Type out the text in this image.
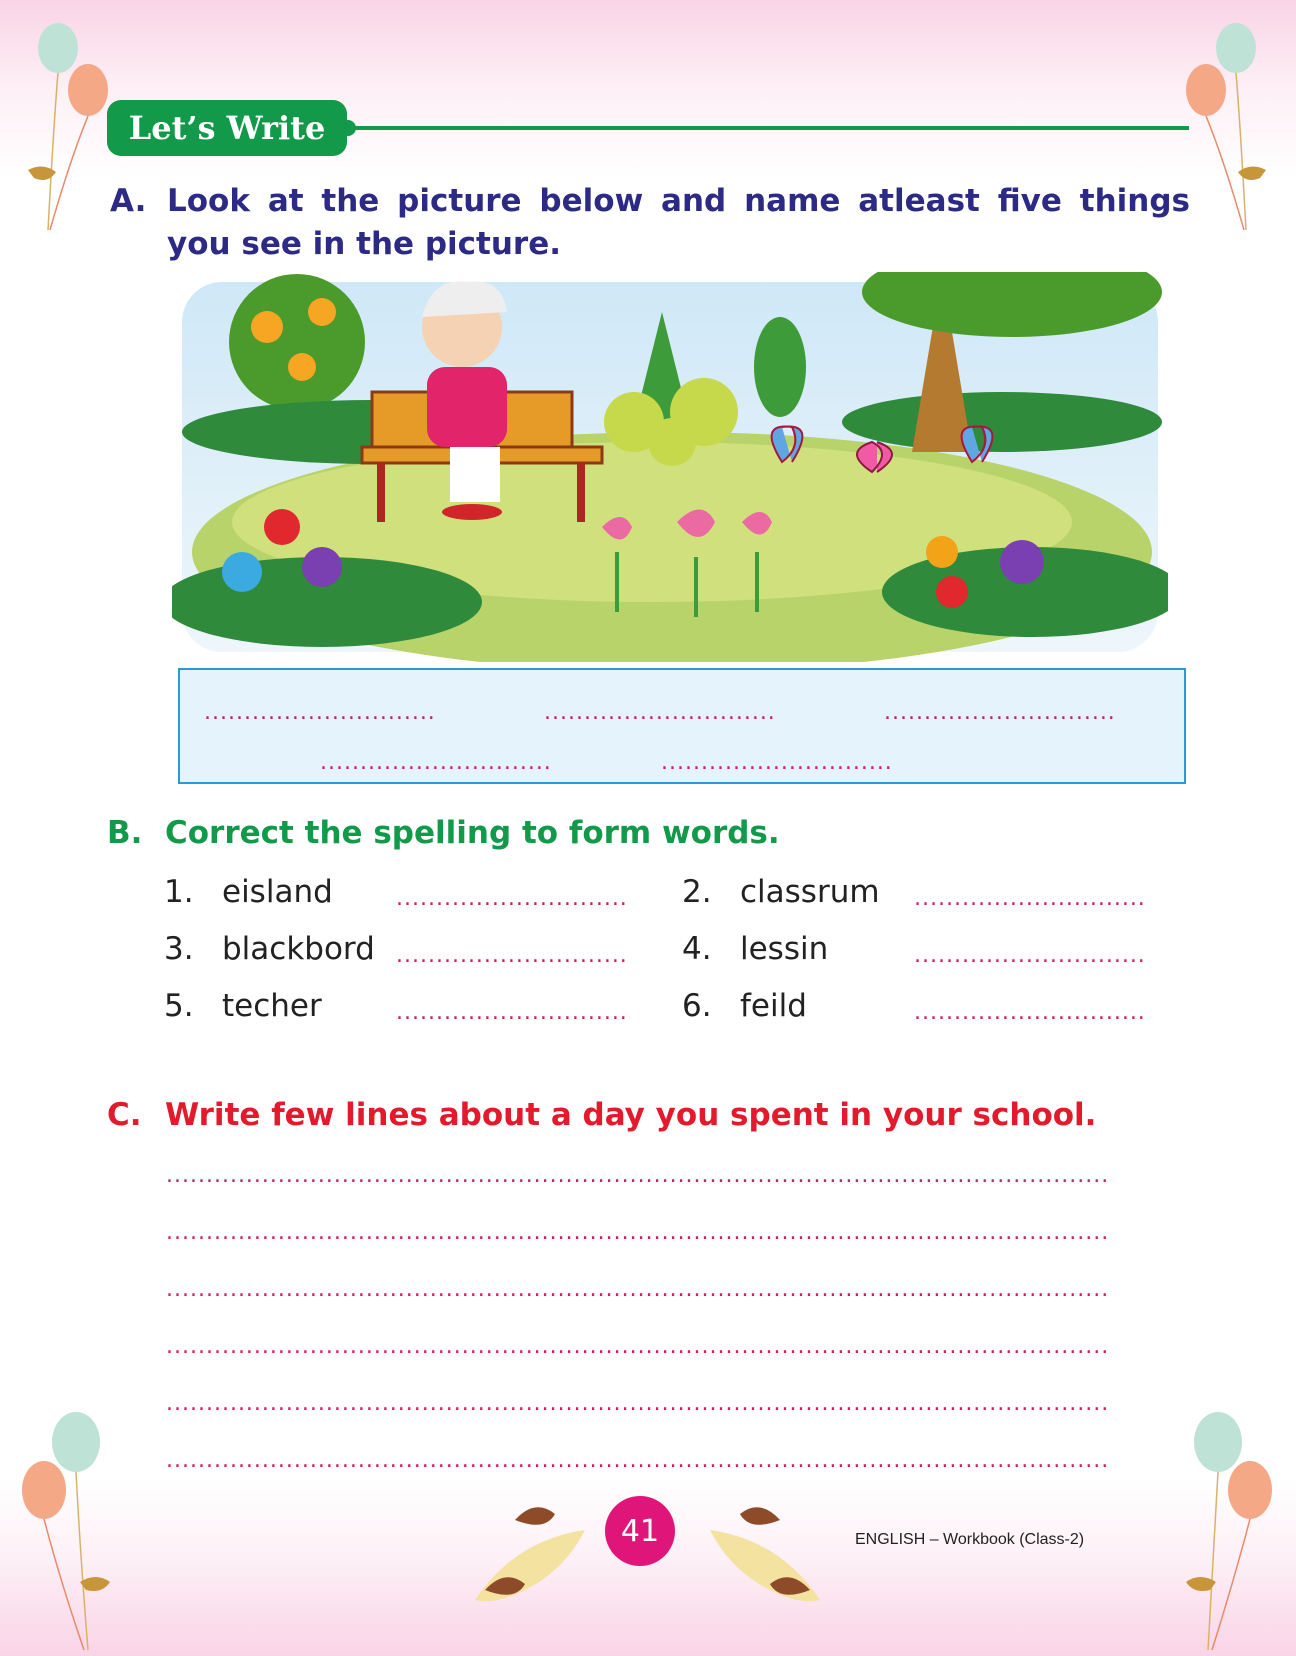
Let’s Write
A. Look at the picture below and name atleast five things you see in the picture.
.............................	.............................	.............................
.............................	.............................
B. Correct the spelling to form words.
1. eisland	............................. 2. classrum .............................
3. blackbord ............................. 4. lessin	.............................
5. techer	............................. 6. feild	.............................
C. Write few lines about a day you spent in your school.
......................................................................................................................
......................................................................................................................
......................................................................................................................
......................................................................................................................
......................................................................................................................
......................................................................................................................
41	ENGLISH – Workbook (Class-2)
